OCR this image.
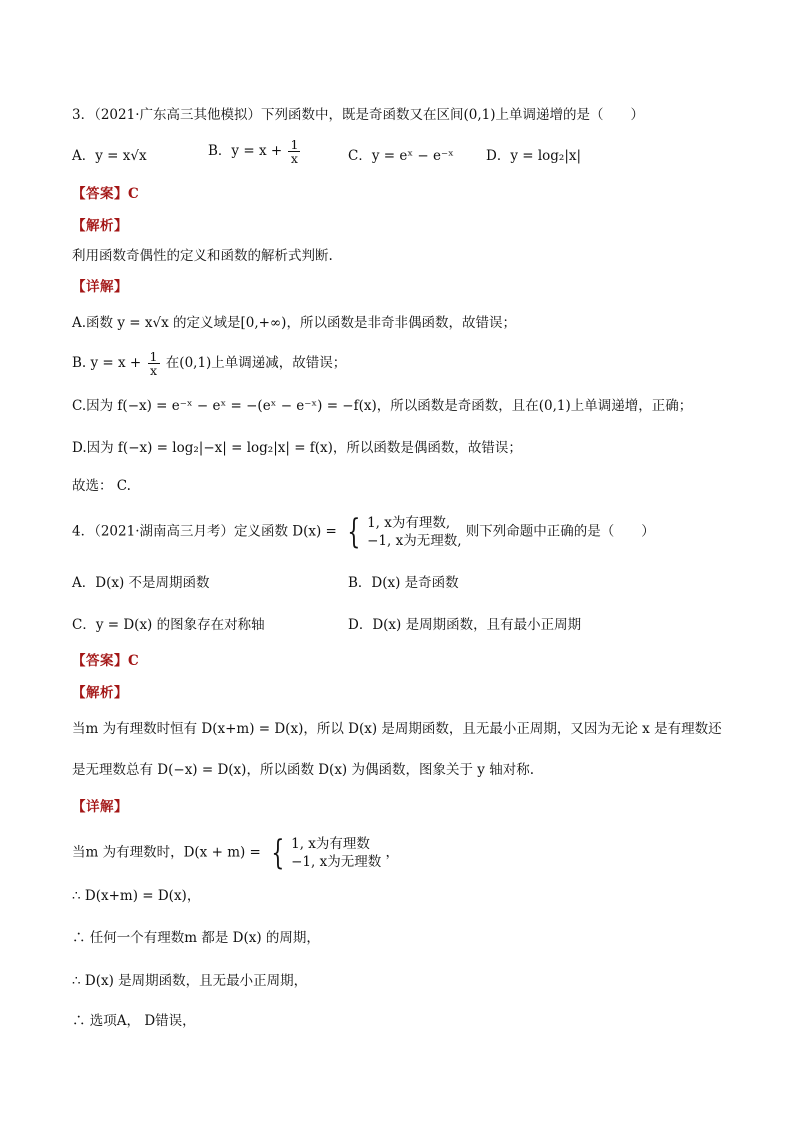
3．（2021·广东高三其他模拟）下列函数中，既是奇函数又在区间(0,1)上单调递增的是（　　）
A．y = x√x	B．$y = x + \frac{1}{x}$	C．y = eˣ − e⁻ˣ D．y = log₂|x|
【答案】C
【解析】
利用函数奇偶性的定义和函数的解析式判断.
【详解】
A.函数 y = x√x 的定义域是[0,+∞)，所以函数是非奇非偶函数，故错误；
B. $y = x + \frac{1}{x}$ 在(0,1)上单调递减，故错误；
C.因为 f(−x) = e⁻ˣ − eˣ = −(eˣ − e⁻ˣ) = −f(x)，所以函数是奇函数，且在(0,1)上单调递增，正确；
D.因为 f(−x) = log₂|−x| = log₂|x| = f(x)，所以函数是偶函数，故错误；
故选： C.
4．（2021·湖南高三月考）定义函数 D(x) = { 1, x为有理数,
−1, x为无理数,
则下列命题中正确的是（　　）
A．D(x) 不是周期函数	B．D(x) 是奇函数
C．y = D(x) 的图象存在对称轴	D．D(x) 是周期函数，且有最小正周期
【答案】C
【解析】
当m 为有理数时恒有 D(x+m) = D(x)，所以 D(x) 是周期函数，且无最小正周期，又因为无论 x 是有理数还
是无理数总有 D(−x) = D(x)，所以函数 D(x) 为偶函数，图象关于 y 轴对称.
【详解】
当m 为有理数时，D(x + m) = { 1, x为有理数
−1, x为无理数
，
∴ D(x+m) = D(x)，
∴ 任何一个有理数m 都是 D(x) 的周期，
∴ D(x) 是周期函数，且无最小正周期，
∴ 选项A， D错误，
